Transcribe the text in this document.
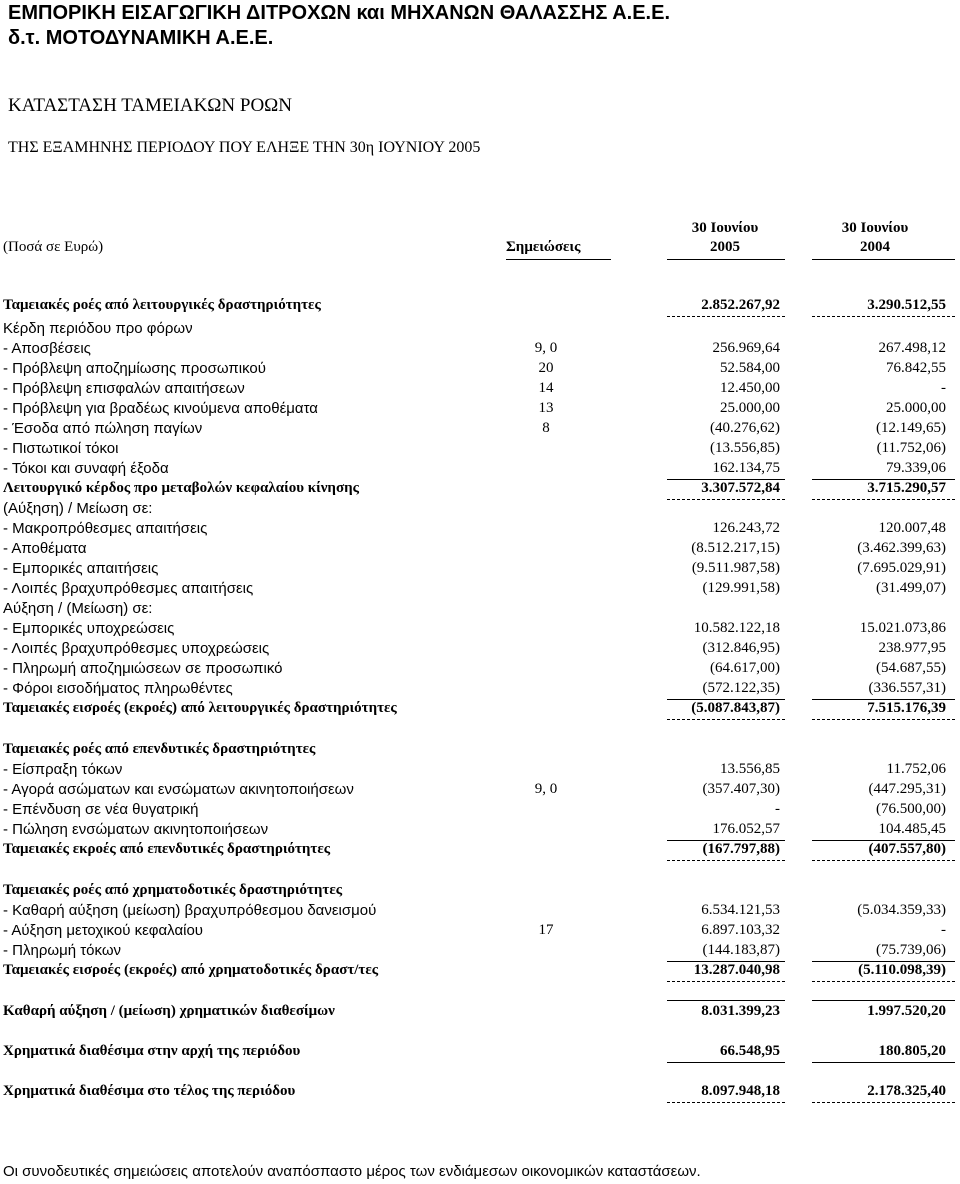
ΕΜΠΟΡΙΚΗ ΕΙΣΑΓΩΓΙΚΗ ΔΙΤΡΟΧΩΝ και ΜΗΧΑΝΩΝ ΘΑΛΑΣΣΗΣ Α.Ε.Ε.
δ.τ. ΜΟΤΟΔΥΝΑΜΙΚΗ Α.Ε.Ε.
ΚΑΤΑΣΤΑΣΗ ΤΑΜΕΙΑΚΩΝ ΡΟΩΝ
ΤΗΣ ΕΞΑΜΗΝΗΣ ΠΕΡΙΟΔΟΥ ΠΟΥ ΕΛΗΞΕ ΤΗΝ 30η ΙΟΥΝΙΟΥ 2005
(Ποσά σε Ευρώ)	Σημειώσεις
30 Ιουνίου
2005
30 Ιουνίου
2004
Ταμειακές ροές από λειτουργικές δραστηριότητες	2.852.267,92	3.290.512,55
Κέρδη περιόδου προ φόρων
- Αποσβέσεις	9, 0	256.969,64	267.498,12
- Πρόβλεψη αποζημίωσης προσωπικού	20	52.584,00	76.842,55
- Πρόβλεψη επισφαλών απαιτήσεων	14	12.450,00	-
- Πρόβλεψη για βραδέως κινούμενα αποθέματα	13	25.000,00	25.000,00
- Έσοδα από πώληση παγίων	8	(40.276,62)	(12.149,65)
- Πιστωτικοί τόκοι	(13.556,85)	(11.752,06)
- Τόκοι και συναφή έξοδα	162.134,75	79.339,06
Λειτουργικό κέρδος προ μεταβολών κεφαλαίου κίνησης	3.307.572,84	3.715.290,57
(Αύξηση) / Μείωση σε:
- Μακροπρόθεσμες απαιτήσεις	126.243,72	120.007,48
- Αποθέματα	(8.512.217,15)	(3.462.399,63)
- Εμπορικές απαιτήσεις	(9.511.987,58)	(7.695.029,91)
- Λοιπές βραχυπρόθεσμες απαιτήσεις	(129.991,58)	(31.499,07)
Αύξηση / (Μείωση) σε:
- Εμπορικές υποχρεώσεις	10.582.122,18	15.021.073,86
- Λοιπές βραχυπρόθεσμες υποχρεώσεις	(312.846,95)	238.977,95
- Πληρωμή αποζημιώσεων σε προσωπικό	(64.617,00)	(54.687,55)
- Φόροι εισοδήματος πληρωθέντες	(572.122,35)	(336.557,31)
Ταμειακές εισροές (εκροές) από λειτουργικές δραστηριότητες	(5.087.843,87)	7.515.176,39
Ταμειακές ροές από επενδυτικές δραστηριότητες
- Είσπραξη τόκων	13.556,85	11.752,06
- Αγορά ασώματων και ενσώματων ακινητοποιήσεων	9, 0	(357.407,30)	(447.295,31)
- Επένδυση σε νέα θυγατρική	-	(76.500,00)
- Πώληση ενσώματων ακινητοποιήσεων	176.052,57	104.485,45
Ταμειακές εκροές από επενδυτικές δραστηριότητες	(167.797,88)	(407.557,80)
Ταμειακές ροές από χρηματοδοτικές δραστηριότητες
- Καθαρή αύξηση (μείωση) βραχυπρόθεσμου δανεισμού	6.534.121,53	(5.034.359,33)
- Αύξηση μετοχικού κεφαλαίου	17	6.897.103,32	-
- Πληρωμή τόκων	(144.183,87)	(75.739,06)
Ταμειακές εισροές (εκροές) από χρηματοδοτικές δραστ/τες	13.287.040,98	(5.110.098,39)
Καθαρή αύξηση / (μείωση) χρηματικών διαθεσίμων	8.031.399,23	1.997.520,20
Χρηματικά διαθέσιμα στην αρχή της περιόδου	66.548,95	180.805,20
Χρηματικά διαθέσιμα στο τέλος της περιόδου	8.097.948,18	2.178.325,40
Οι συνοδευτικές σημειώσεις αποτελούν αναπόσπαστο μέρος των ενδιάμεσων οικονομικών καταστάσεων.
